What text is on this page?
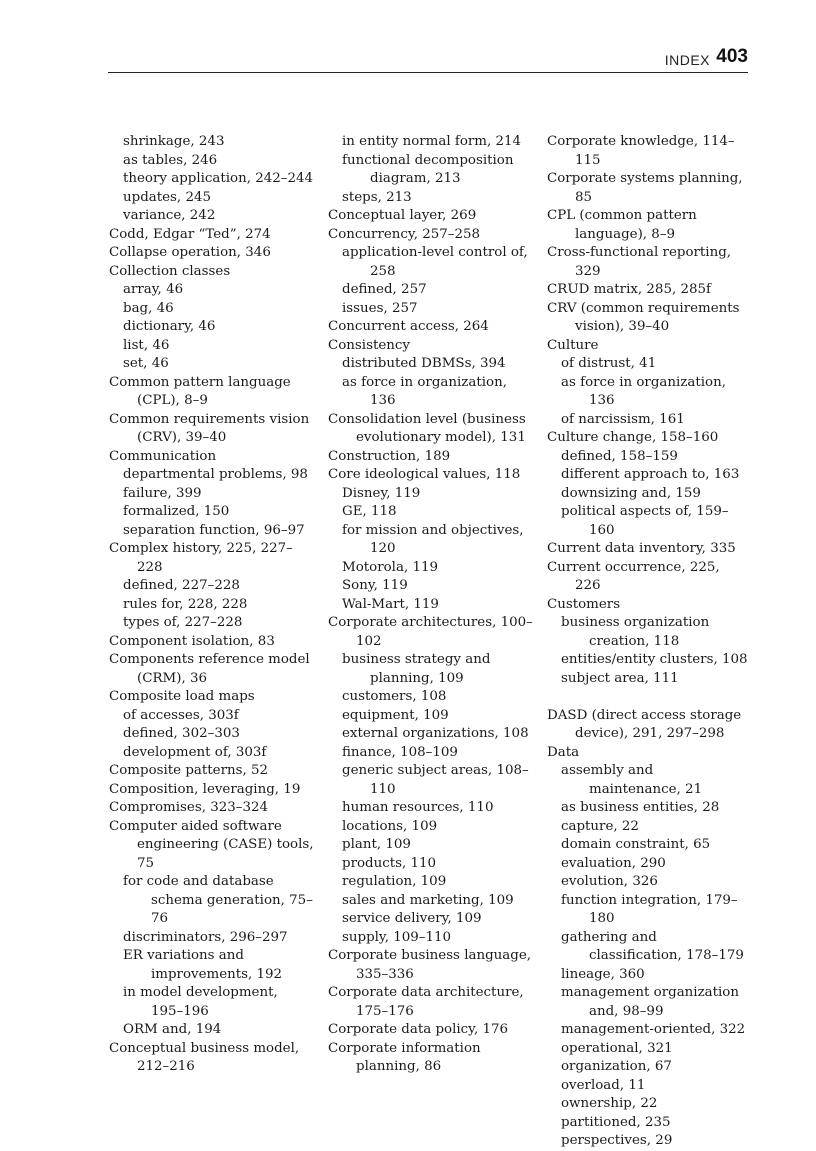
INDEX 403
shrinkage, 243
as tables, 246
theory application, 242–244
updates, 245
variance, 242
Codd, Edgar “Ted”, 274
Collapse operation, 346
Collection classes
array, 46
bag, 46
dictionary, 46
list, 46
set, 46
Common pattern language (CPL), 8–9
Common requirements vision (CRV), 39–40
Communication
departmental problems, 98
failure, 399
formalized, 150
separation function, 96–97
Complex history, 225, 227–228
defined, 227–228
rules for, 228, 228
types of, 227–228
Component isolation, 83
Components reference model (CRM), 36
Composite load maps
of accesses, 303f
defined, 302–303
development of, 303f
Composite patterns, 52
Composition, leveraging, 19
Compromises, 323–324
Computer aided software engineering (CASE) tools, 75
for code and database schema generation, 75–76
discriminators, 296–297
ER variations and improvements, 192
in model development, 195–196
ORM and, 194
Conceptual business model, 212–216
in entity normal form, 214
functional decomposition diagram, 213
steps, 213
Conceptual layer, 269
Concurrency, 257–258
application-level control of, 258
defined, 257
issues, 257
Concurrent access, 264
Consistency
distributed DBMSs, 394
as force in organization, 136
Consolidation level (business evolutionary model), 131
Construction, 189
Core ideological values, 118
Disney, 119
GE, 118
for mission and objectives, 120
Motorola, 119
Sony, 119
Wal-Mart, 119
Corporate architectures, 100–102
business strategy and planning, 109
customers, 108
equipment, 109
external organizations, 108
finance, 108–109
generic subject areas, 108–110
human resources, 110
locations, 109
plant, 109
products, 110
regulation, 109
sales and marketing, 109
service delivery, 109
supply, 109–110
Corporate business language, 335–336
Corporate data architecture, 175–176
Corporate data policy, 176
Corporate information planning, 86
Corporate knowledge, 114–115
Corporate systems planning, 85
CPL (common pattern language), 8–9
Cross-functional reporting, 329
CRUD matrix, 285, 285f
CRV (common requirements vision), 39–40
Culture
of distrust, 41
as force in organization, 136
of narcissism, 161
Culture change, 158–160
defined, 158–159
different approach to, 163
downsizing and, 159
political aspects of, 159–160
Current data inventory, 335
Current occurrence, 225, 226
Customers
business organization creation, 118
entities/entity clusters, 108
subject area, 111
DASD (direct access storage device), 291, 297–298
Data
assembly and maintenance, 21
as business entities, 28
capture, 22
domain constraint, 65
evaluation, 290
evolution, 326
function integration, 179–180
gathering and classification, 178–179
lineage, 360
management organization and, 98–99
management-oriented, 322
operational, 321
organization, 67
overload, 11
ownership, 22
partitioned, 235
perspectives, 29
